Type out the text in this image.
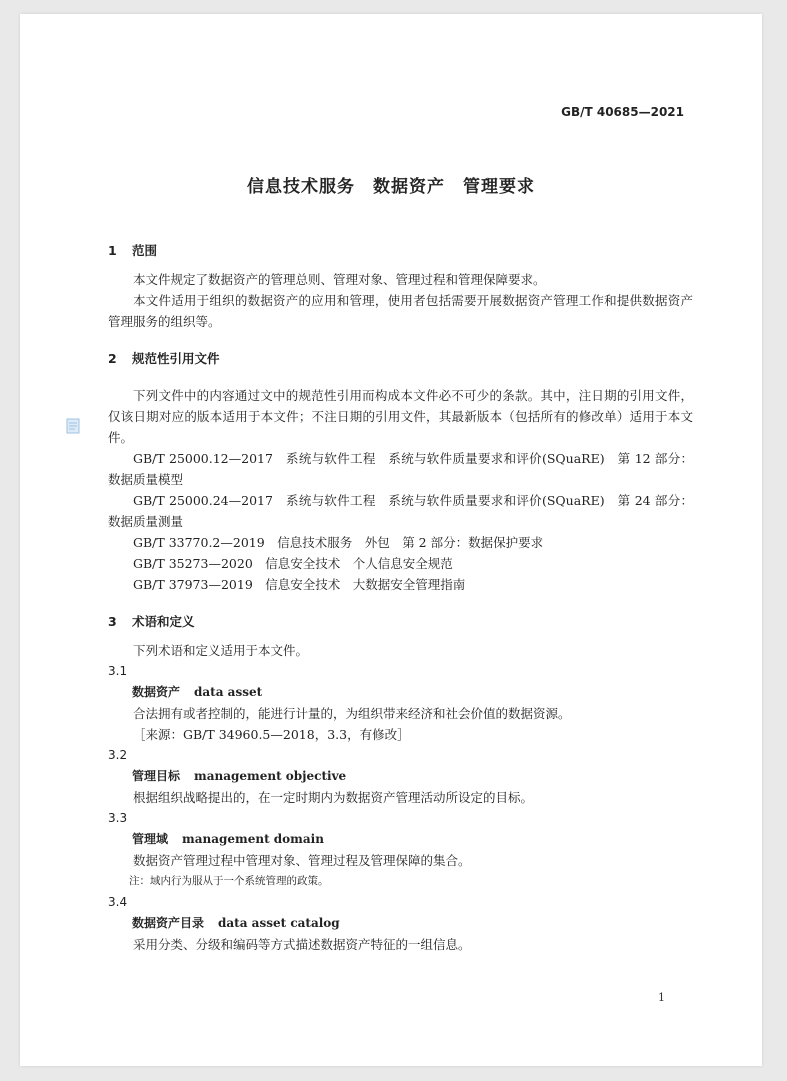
GB/T 40685—2021
信息技术服务　数据资产　管理要求
1 范围

本文件规定了数据资产的管理总则、管理对象、管理过程和管理保障要求。

本文件适用于组织的数据资产的应用和管理，使用者包括需要开展数据资产管理工作和提供数据资产管理服务的组织等。

2 规范性引用文件

下列文件中的内容通过文中的规范性引用而构成本文件必不可少的条款。其中，注日期的引用文件，仅该日期对应的版本适用于本文件；不注日期的引用文件，其最新版本（包括所有的修改单）适用于本文件。

GB/T 25000.12—2017　系统与软件工程　系统与软件质量要求和评价(SQuaRE)　第 12 部分：数据质量模型

GB/T 25000.24—2017　系统与软件工程　系统与软件质量要求和评价(SQuaRE)　第 24 部分：数据质量测量

GB/T 33770.2—2019　信息技术服务　外包　第 2 部分：数据保护要求

GB/T 35273—2020　信息安全技术　个人信息安全规范

GB/T 37973—2019　信息安全技术　大数据安全管理指南

3 术语和定义

下列术语和定义适用于本文件。

3.1

数据资产 data asset

合法拥有或者控制的，能进行计量的，为组织带来经济和社会价值的数据资源。

［来源：GB/T 34960.5—2018，3.3，有修改］

3.2

管理目标 management objective

根据组织战略提出的，在一定时期内为数据资产管理活动所设定的目标。

3.3

管理域 management domain

数据资产管理过程中管理对象、管理过程及管理保障的集合。

注：域内行为服从于一个系统管理的政策。

3.4

数据资产目录 data asset catalog

采用分类、分级和编码等方式描述数据资产特征的一组信息。

1
